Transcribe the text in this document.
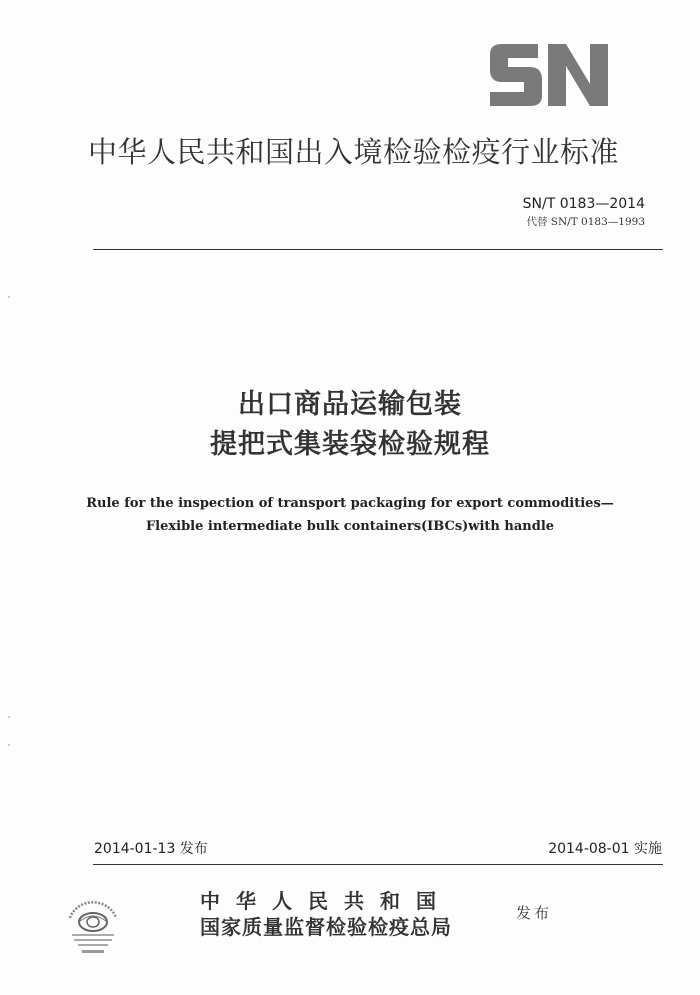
中华人民共和国出入境检验检疫行业标准
SN/T 0183—2014
代替 SN/T 0183—1993
出口商品运输包装
提把式集装袋检验规程
Rule for the inspection of transport packaging for export commodities—
Flexible intermediate bulk containers(IBCs)with handle
2014-01-13 发布	2014-08-01 实施
中华人民共和国
国家质量监督检验检疫总局
发布
